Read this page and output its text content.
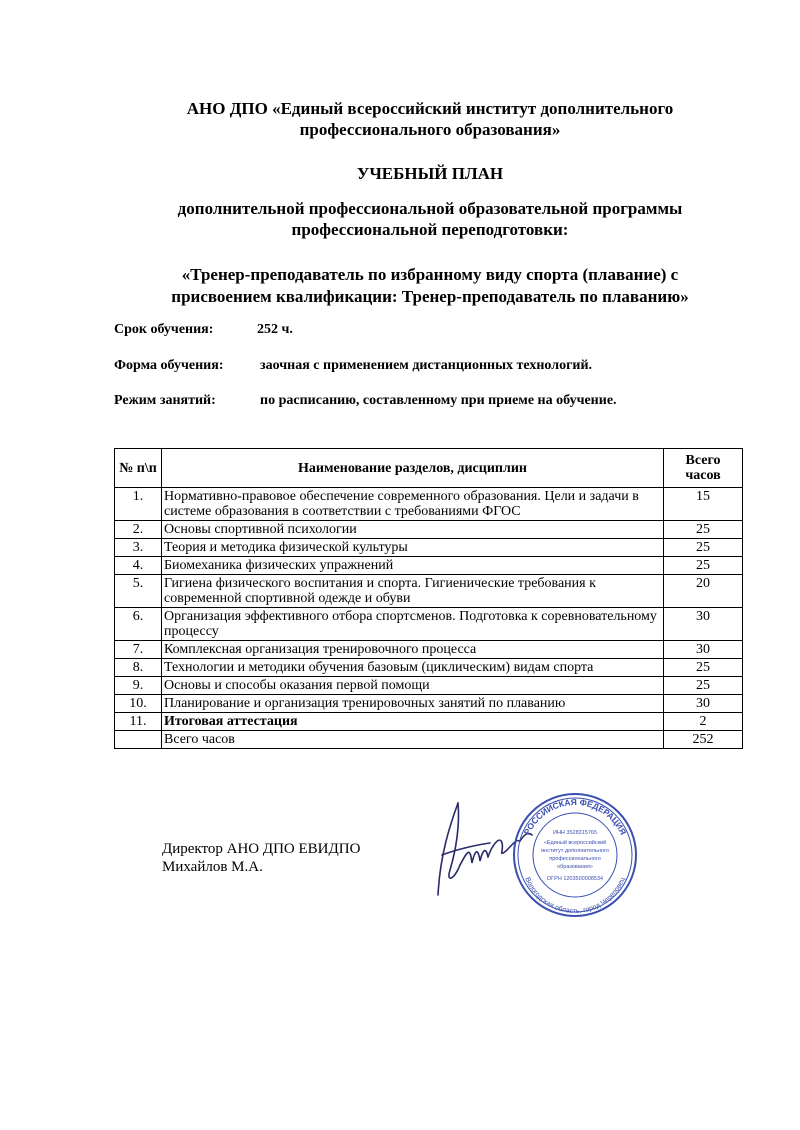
АНО ДПО «Единый всероссийский институт дополнительного
профессионального образования»
УЧЕБНЫЙ ПЛАН
дополнительной профессиональной образовательной программы
профессиональной переподготовки:
«Тренер-преподаватель по избранному виду спорта (плавание) с
присвоением квалификации: Тренер-преподаватель по плаванию»
Срок обучения:	252 ч.
Форма обучения:	заочная с применением дистанционных технологий.
Режим занятий:	по расписанию, составленному при приеме на обучение.
№ п\п	Наименование разделов, дисциплин	Всего
часов

1.	Нормативно-правовое обеспечение современного образования. Цели и задачи в системе образования в соответствии с требованиями ФГОС	15
2.	Основы спортивной психологии	25
3.	Теория и методика физической культуры	25
4.	Биомеханика физических упражнений	25
5.	Гигиена физического воспитания и спорта. Гигиенические требования к современной спортивной одежде и обуви	20
6.	Организация эффективного отбора спортсменов. Подготовка к соревновательному процессу	30
7.	Комплексная организация тренировочного процесса	30
8.	Технологии и методики обучения базовым (циклическим) видам спорта	25
9.	Основы и способы оказания первой помощи	25
10.	Планирование и организация тренировочных занятий по плаванию	30
11.	Итоговая аттестация	2
	Всего часов	252
Директор АНО ДПО ЕВИДПО
Михайлов М.А.
Михайлов
РОССИЙСКАЯ ФЕДЕРАЦИЯ
Вологодская область, город Череповец
ИНН 3528315765
«Единый всероссийский
институт дополнительного
профессионального
образования»
ОГРН 1203500008534
